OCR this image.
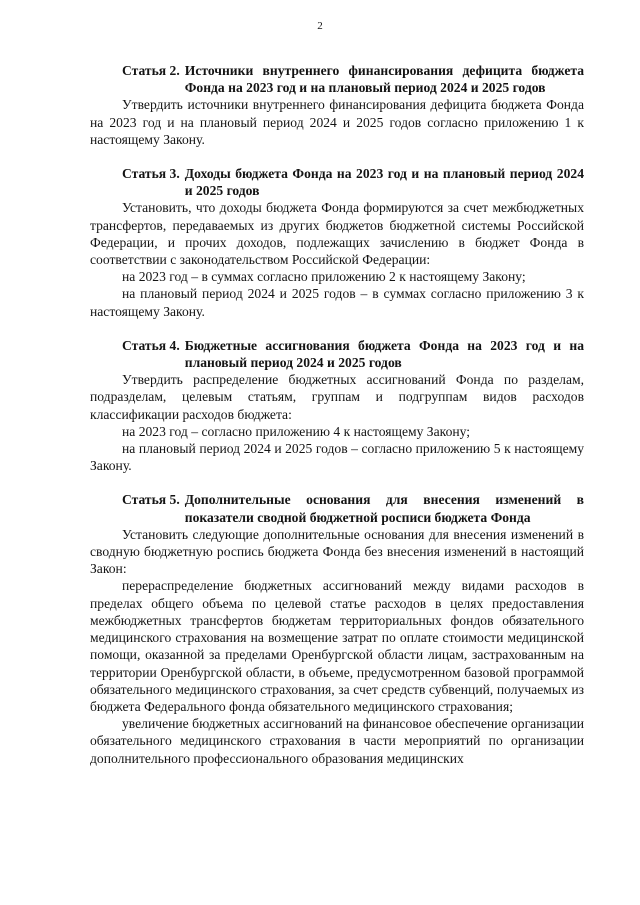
2
Статья 2. Источники внутреннего финансирования дефицита бюджета Фонда на 2023 год и на плановый период 2024 и 2025 годов

Утвердить источники внутреннего финансирования дефицита бюджета Фонда на 2023 год и на плановый период 2024 и 2025 годов согласно приложению 1 к настоящему Закону.

Статья 3. Доходы бюджета Фонда на 2023 год и на плановый период 2024 и 2025 годов

Установить, что доходы бюджета Фонда формируются за счет межбюджетных трансфертов, передаваемых из других бюджетов бюджетной системы Российской Федерации, и прочих доходов, подлежащих зачислению в бюджет Фонда в соответствии с законодательством Российской Федерации:

на 2023 год – в суммах согласно приложению 2 к настоящему Закону;

на плановый период 2024 и 2025 годов – в суммах согласно приложению 3 к настоящему Закону.

Статья 4. Бюджетные ассигнования бюджета Фонда на 2023 год и на плановый период 2024 и 2025 годов

Утвердить распределение бюджетных ассигнований Фонда по разделам, подразделам, целевым статьям, группам и подгруппам видов расходов классификации расходов бюджета:

на 2023 год – согласно приложению 4 к настоящему Закону;

на плановый период 2024 и 2025 годов – согласно приложению 5 к настоящему Закону.

Статья 5. Дополнительные основания для внесения изменений в показатели сводной бюджетной росписи бюджета Фонда

Установить следующие дополнительные основания для внесения изменений в сводную бюджетную роспись бюджета Фонда без внесения изменений в настоящий Закон:

перераспределение бюджетных ассигнований между видами расходов в пределах общего объема по целевой статье расходов в целях предоставления межбюджетных трансфертов бюджетам территориальных фондов обязательного медицинского страхования на возмещение затрат по оплате стоимости медицинской помощи, оказанной за пределами Оренбургской области лицам, застрахованным на территории Оренбургской области, в объеме, предусмотренном базовой программой обязательного медицинского страхования, за счет средств субвенций, получаемых из бюджета Федерального фонда обязательного медицинского страхования;

увеличение бюджетных ассигнований на финансовое обеспечение организации обязательного медицинского страхования в части мероприятий по организации дополнительного профессионального образования медицинских
